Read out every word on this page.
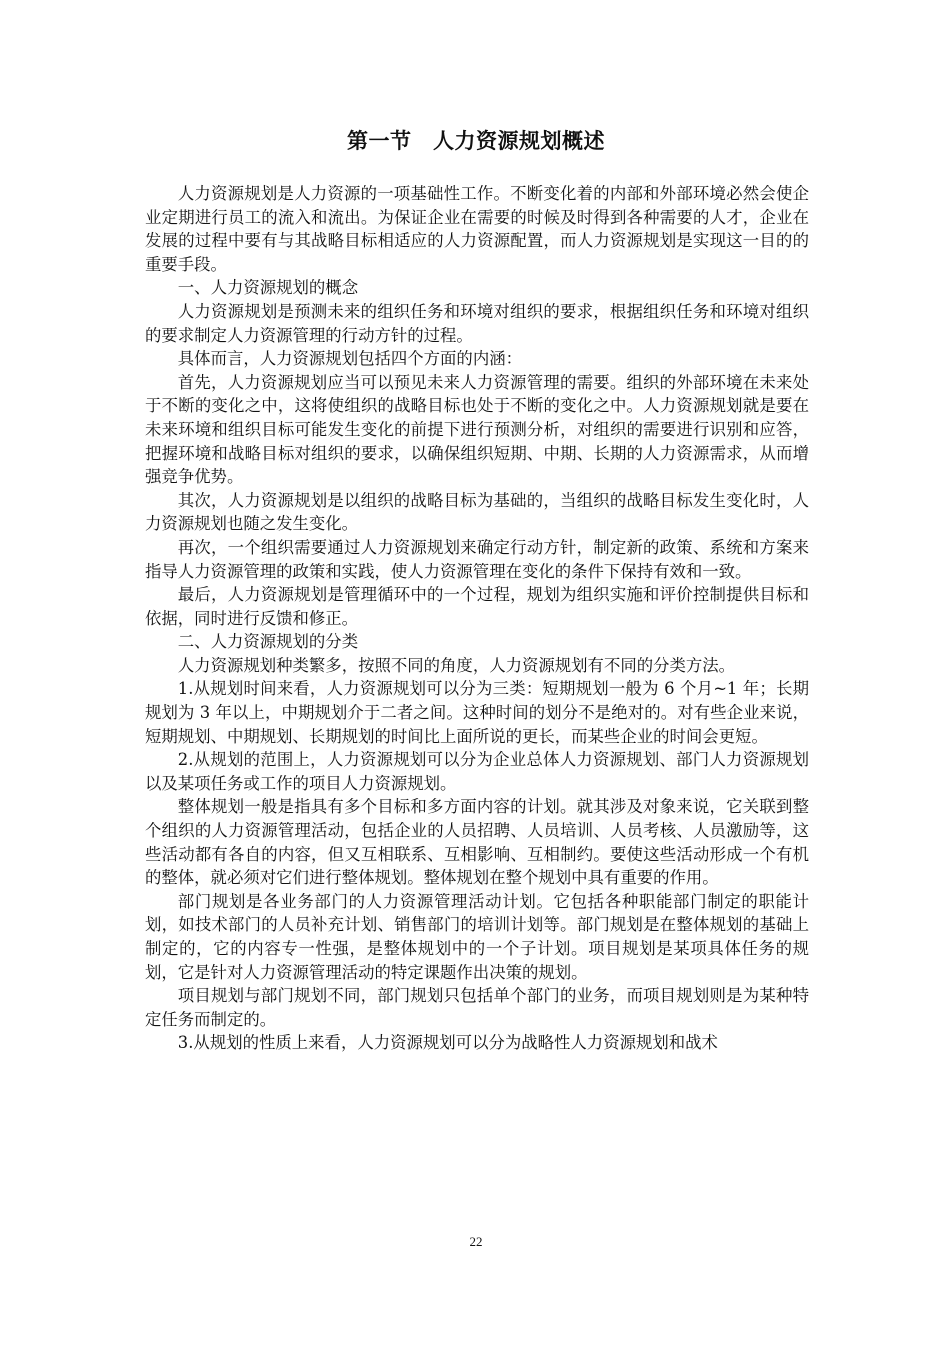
第一节　人力资源规划概述

人力资源规划是人力资源的一项基础性工作。不断变化着的内部和外部环境必然会使企业定期进行员工的流入和流出。为保证企业在需要的时候及时得到各种需要的人才，企业在发展的过程中要有与其战略目标相适应的人力资源配置，而人力资源规划是实现这一目的的重要手段。

一、人力资源规划的概念

人力资源规划是预测未来的组织任务和环境对组织的要求，根据组织任务和环境对组织的要求制定人力资源管理的行动方针的过程。

具体而言，人力资源规划包括四个方面的内涵：

首先，人力资源规划应当可以预见未来人力资源管理的需要。组织的外部环境在未来处于不断的变化之中，这将使组织的战略目标也处于不断的变化之中。人力资源规划就是要在未来环境和组织目标可能发生变化的前提下进行预测分析，对组织的需要进行识别和应答，把握环境和战略目标对组织的要求，以确保组织短期、中期、长期的人力资源需求，从而增强竞争优势。

其次，人力资源规划是以组织的战略目标为基础的，当组织的战略目标发生变化时，人力资源规划也随之发生变化。

再次，一个组织需要通过人力资源规划来确定行动方针，制定新的政策、系统和方案来指导人力资源管理的政策和实践，使人力资源管理在变化的条件下保持有效和一致。

最后，人力资源规划是管理循环中的一个过程，规划为组织实施和评价控制提供目标和依据，同时进行反馈和修正。

二、人力资源规划的分类

人力资源规划种类繁多，按照不同的角度，人力资源规划有不同的分类方法。

1.从规划时间来看，人力资源规划可以分为三类：短期规划一般为 6 个月~1 年；长期规划为 3 年以上，中期规划介于二者之间。这种时间的划分不是绝对的。对有些企业来说，短期规划、中期规划、长期规划的时间比上面所说的更长，而某些企业的时间会更短。

2.从规划的范围上，人力资源规划可以分为企业总体人力资源规划、部门人力资源规划以及某项任务或工作的项目人力资源规划。

整体规划一般是指具有多个目标和多方面内容的计划。就其涉及对象来说，它关联到整个组织的人力资源管理活动，包括企业的人员招聘、人员培训、人员考核、人员激励等，这些活动都有各自的内容，但又互相联系、互相影响、互相制约。要使这些活动形成一个有机的整体，就必须对它们进行整体规划。整体规划在整个规划中具有重要的作用。

部门规划是各业务部门的人力资源管理活动计划。它包括各种职能部门制定的职能计划，如技术部门的人员补充计划、销售部门的培训计划等。部门规划是在整体规划的基础上制定的，它的内容专一性强，是整体规划中的一个子计划。项目规划是某项具体任务的规划，它是针对人力资源管理活动的特定课题作出决策的规划。

项目规划与部门规划不同，部门规划只包括单个部门的业务，而项目规划则是为某种特定任务而制定的。

3.从规划的性质上来看，人力资源规划可以分为战略性人力资源规划和战术

22
